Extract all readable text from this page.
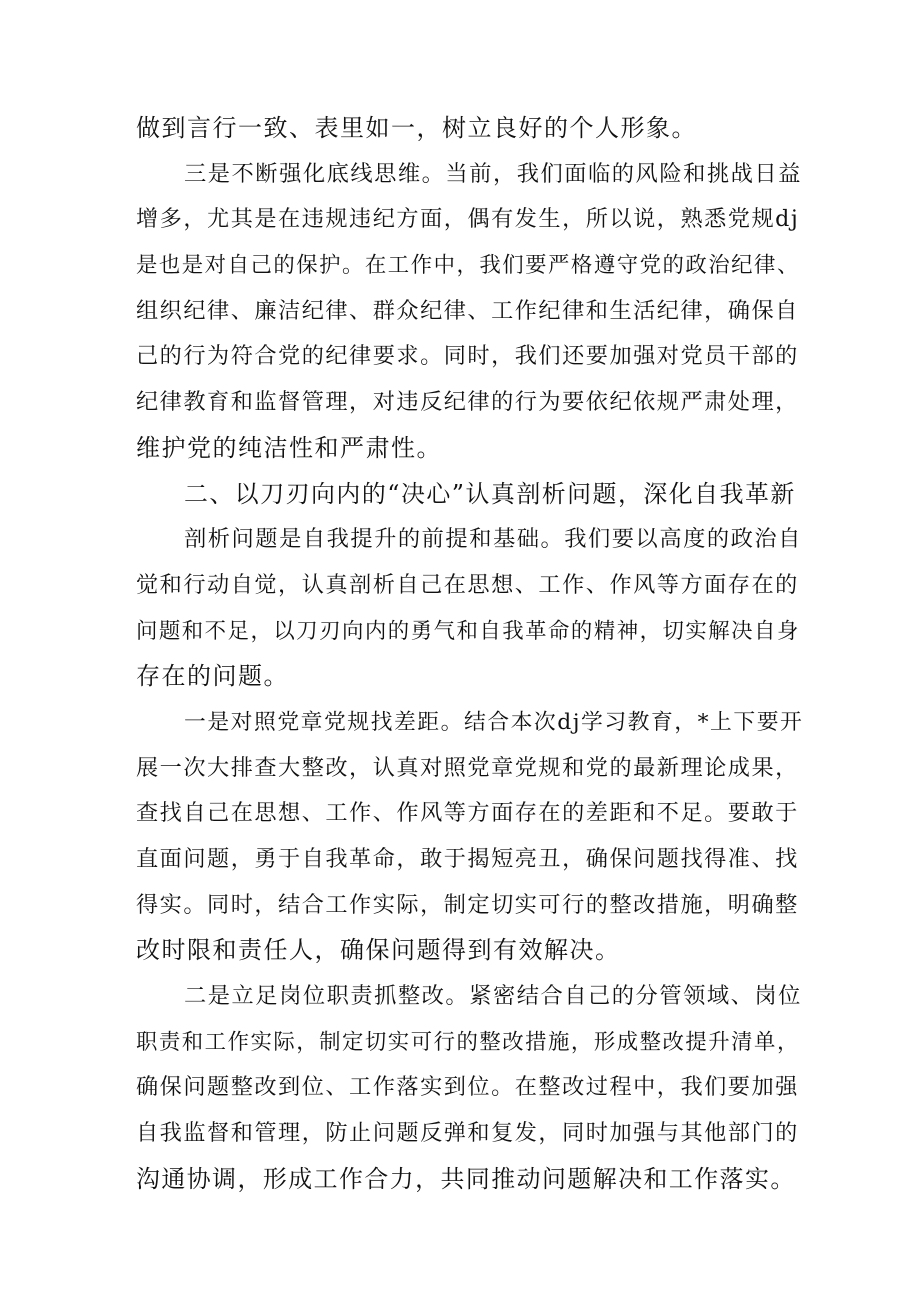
做到言行一致、表里如一，树立良好的个人形象。
三是不断强化底线思维。当前，我们面临的风险和挑战日益
增多，尤其是在违规违纪方面，偶有发生，所以说，熟悉党规dj
是也是对自己的保护。在工作中，我们要严格遵守党的政治纪律、
组织纪律、廉洁纪律、群众纪律、工作纪律和生活纪律，确保自
己的行为符合党的纪律要求。同时，我们还要加强对党员干部的
纪律教育和监督管理，对违反纪律的行为要依纪依规严肃处理，
维护党的纯洁性和严肃性。
二、以刀刃向内的“决心”认真剖析问题，深化自我革新
剖析问题是自我提升的前提和基础。我们要以高度的政治自
觉和行动自觉，认真剖析自己在思想、工作、作风等方面存在的
问题和不足，以刀刃向内的勇气和自我革命的精神，切实解决自身
存在的问题。
一是对照党章党规找差距。结合本次dj学习教育，*上下要开
展一次大排查大整改，认真对照党章党规和党的最新理论成果，
查找自己在思想、工作、作风等方面存在的差距和不足。要敢于
直面问题，勇于自我革命，敢于揭短亮丑，确保问题找得准、找
得实。同时，结合工作实际，制定切实可行的整改措施，明确整
改时限和责任人，确保问题得到有效解决。
二是立足岗位职责抓整改。紧密结合自己的分管领域、岗位
职责和工作实际，制定切实可行的整改措施，形成整改提升清单，
确保问题整改到位、工作落实到位。在整改过程中，我们要加强
自我监督和管理，防止问题反弹和复发，同时加强与其他部门的
沟通协调，形成工作合力，共同推动问题解决和工作落实。
